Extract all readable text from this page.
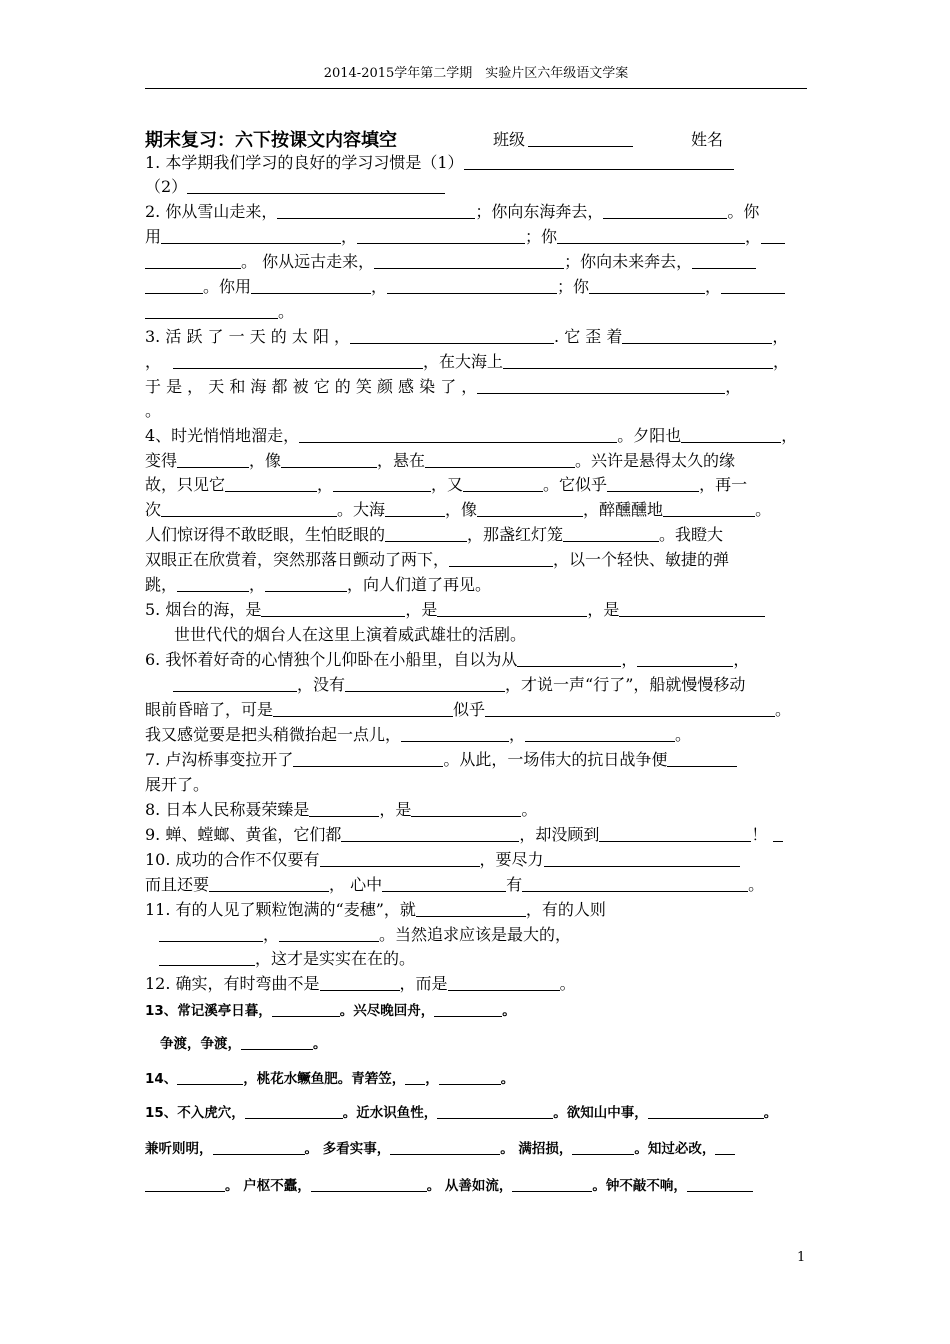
2014-2015学年第二学期　实验片区六年级语文学案
期末复习：六下按课文内容填空	班级	姓名
1. 本学期我们学习的良好的学习习惯是（1）
（2）
2. 你从雪山走来，	；你向东海奔去，	。你
用	，	；你	，
。 你从远古走来，	；你向未来奔去，
。你用	，	；你	，
。
3. 活 跃 了 一 天 的 太 阳 ，	. 它 歪 着	，
，	，在大海上	，
于 是 ， 天 和 海 都 被 它 的 笑 颜 感 染 了 ，	，
。
4、时光悄悄地溜走，	。夕阳也	，
变得	，像	，悬在	。兴许是悬得太久的缘
故，只见它	，	，又	。它似乎	，再一
次	。大海	，像	，醉醺醺地	。
人们惊讶得不敢眨眼，生怕眨眼的	，那盏红灯笼	。我瞪大
双眼正在欣赏着，突然那落日颤动了两下，	，以一个轻快、敏捷的弹
跳，	，	，向人们道了再见。
5. 烟台的海，是	，是	，是
世世代代的烟台人在这里上演着威武雄壮的活剧。
6. 我怀着好奇的心情独个儿仰卧在小船里，自以为从	，	，
，没有	，才说一声“行了”，船就慢慢移动
眼前昏暗了，可是	似乎	。
我又感觉要是把头稍微抬起一点儿，	，	。
7. 卢沟桥事变拉开了	。从此，一场伟大的抗日战争便
展开了。
8. 日本人民称聂荣臻是	，是	。
9. 蝉、螳螂、黄雀，它们都	，却没顾到	！
10. 成功的合作不仅要有	，要尽力
而且还要	， 心中	有	。
11. 有的人见了颗粒饱满的“麦穗”，就	，有的人则
，	。当然追求应该是最大的，
，这才是实实在在的。
12. 确实，有时弯曲不是	，而是	。
13、常记溪亭日暮，	。兴尽晚回舟，	。
争渡，争渡，	。
14、	，桃花水鳜鱼肥。青箬笠， ，	。
15、不入虎穴，	。近水识鱼性，	。欲知山中事，	。
兼听则明，	。 多看实事，	。 满招损，	。知过必改，
。 户枢不蠹，	。 从善如流，	。钟不敲不响，
1
